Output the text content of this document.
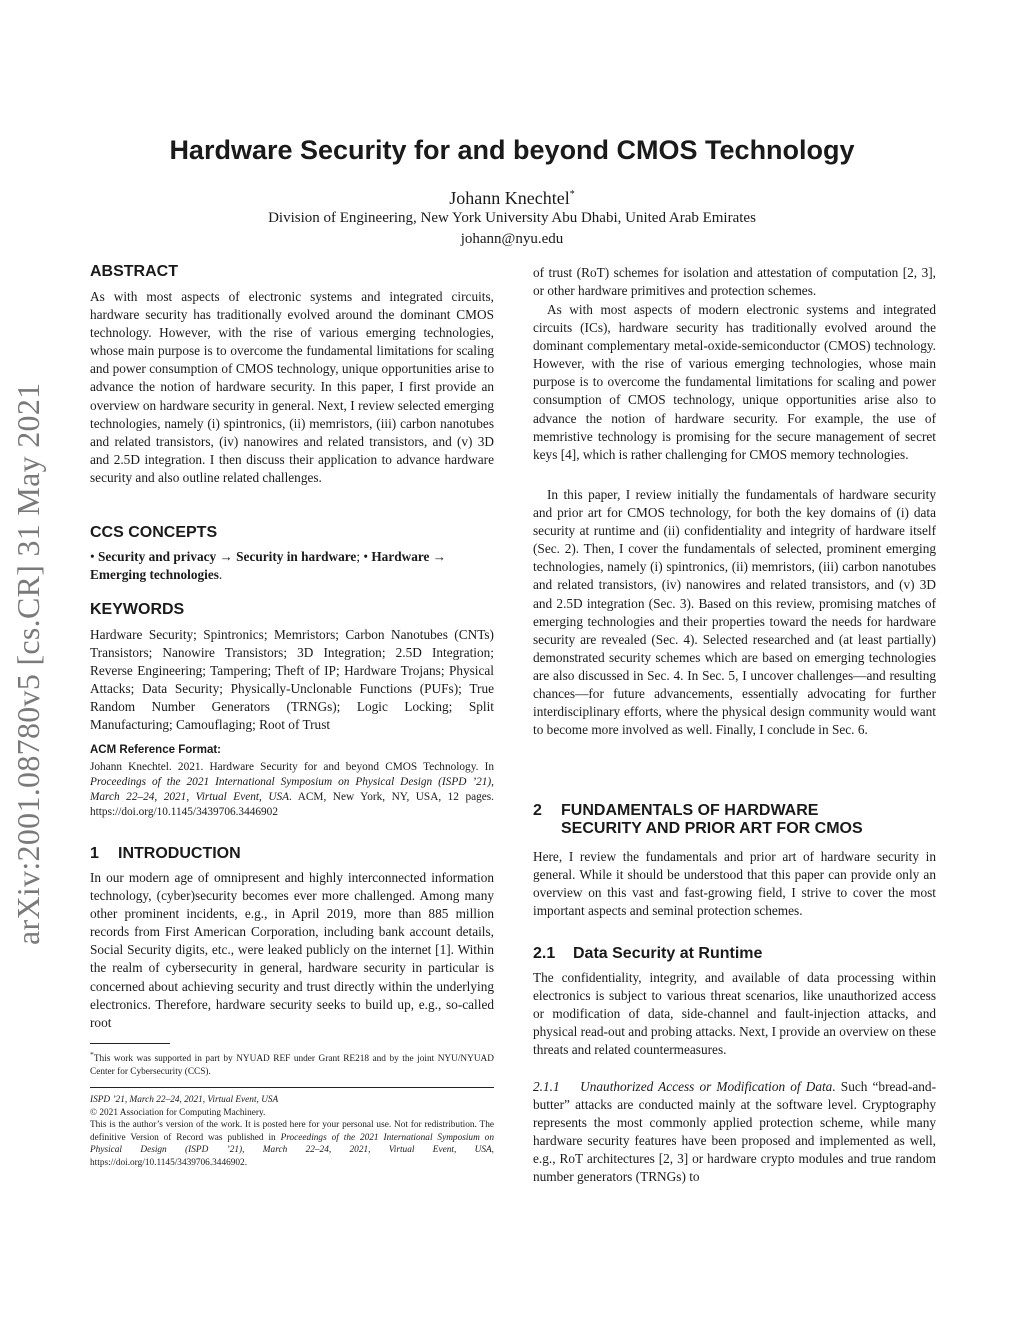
arXiv:2001.08780v5 [cs.CR] 31 May 2021
Hardware Security for and beyond CMOS Technology
Johann Knechtel*
Division of Engineering, New York University Abu Dhabi, United Arab Emirates
johann@nyu.edu
ABSTRACT
As with most aspects of electronic systems and integrated circuits, hardware security has traditionally evolved around the dominant CMOS technology. However, with the rise of various emerging technologies, whose main purpose is to overcome the fundamental limitations for scaling and power consumption of CMOS technology, unique opportunities arise to advance the notion of hardware security. In this paper, I first provide an overview on hardware security in general. Next, I review selected emerging technologies, namely (i) spintronics, (ii) memristors, (iii) carbon nanotubes and related transistors, (iv) nanowires and related transistors, and (v) 3D and 2.5D integration. I then discuss their application to advance hardware security and also outline related challenges.
CCS CONCEPTS
• Security and privacy → Security in hardware; • Hardware → Emerging technologies.
KEYWORDS
Hardware Security; Spintronics; Memristors; Carbon Nanotubes (CNTs) Transistors; Nanowire Transistors; 3D Integration; 2.5D Integration; Reverse Engineering; Tampering; Theft of IP; Hardware Trojans; Physical Attacks; Data Security; Physically-Unclonable Functions (PUFs); True Random Number Generators (TRNGs); Logic Locking; Split Manufacturing; Camouflaging; Root of Trust
ACM Reference Format:
Johann Knechtel. 2021. Hardware Security for and beyond CMOS Technology. In Proceedings of the 2021 International Symposium on Physical Design (ISPD ’21), March 22–24, 2021, Virtual Event, USA. ACM, New York, NY, USA, 12 pages. https://doi.org/10.1145/3439706.3446902
1 INTRODUCTION
In our modern age of omnipresent and highly interconnected information technology, (cyber)security becomes ever more challenged. Among many other prominent incidents, e.g., in April 2019, more than 885 million records from First American Corporation, including bank account details, Social Security digits, etc., were leaked publicly on the internet [1]. Within the realm of cybersecurity in general, hardware security in particular is concerned about achieving security and trust directly within the underlying electronics. Therefore, hardware security seeks to build up, e.g., so-called root
*This work was supported in part by NYUAD REF under Grant RE218 and by the joint NYU/NYUAD Center for Cybersecurity (CCS).
ISPD ’21, March 22–24, 2021, Virtual Event, USA
© 2021 Association for Computing Machinery.
This is the author’s version of the work. It is posted here for your personal use. Not for redistribution. The definitive Version of Record was published in Proceedings of the 2021 International Symposium on Physical Design (ISPD ’21), March 22–24, 2021, Virtual Event, USA, https://doi.org/10.1145/3439706.3446902.
of trust (RoT) schemes for isolation and attestation of computation [2, 3], or other hardware primitives and protection schemes.
As with most aspects of modern electronic systems and integrated circuits (ICs), hardware security has traditionally evolved around the dominant complementary metal-oxide-semiconductor (CMOS) technology. However, with the rise of various emerging technologies, whose main purpose is to overcome the fundamental limitations for scaling and power consumption of CMOS technology, unique opportunities arise also to advance the notion of hardware security. For example, the use of memristive technology is promising for the secure management of secret keys [4], which is rather challenging for CMOS memory technologies.
In this paper, I review initially the fundamentals of hardware security and prior art for CMOS technology, for both the key domains of (i) data security at runtime and (ii) confidentiality and integrity of hardware itself (Sec. 2). Then, I cover the fundamentals of selected, prominent emerging technologies, namely (i) spintronics, (ii) memristors, (iii) carbon nanotubes and related transistors, (iv) nanowires and related transistors, and (v) 3D and 2.5D integration (Sec. 3). Based on this review, promising matches of emerging technologies and their properties toward the needs for hardware security are revealed (Sec. 4). Selected researched and (at least partially) demonstrated security schemes which are based on emerging technologies are also discussed in Sec. 4. In Sec. 5, I uncover challenges—and resulting chances—for future advancements, essentially advocating for further interdisciplinary efforts, where the physical design community would want to become more involved as well. Finally, I conclude in Sec. 6.
2	FUNDAMENTALS OF HARDWARE
SECURITY AND PRIOR ART FOR CMOS
Here, I review the fundamentals and prior art of hardware security in general. While it should be understood that this paper can provide only an overview on this vast and fast-growing field, I strive to cover the most important aspects and seminal protection schemes.
2.1 Data Security at Runtime
The confidentiality, integrity, and available of data processing within electronics is subject to various threat scenarios, like unauthorized access or modification of data, side-channel and fault-injection attacks, and physical read-out and probing attacks. Next, I provide an overview on these threats and related countermeasures.
2.1.1 Unauthorized Access or Modification of Data. Such “bread-and-butter” attacks are conducted mainly at the software level. Cryptography represents the most commonly applied protection scheme, while many hardware security features have been proposed and implemented as well, e.g., RoT architectures [2, 3] or hardware crypto modules and true random number generators (TRNGs) to
